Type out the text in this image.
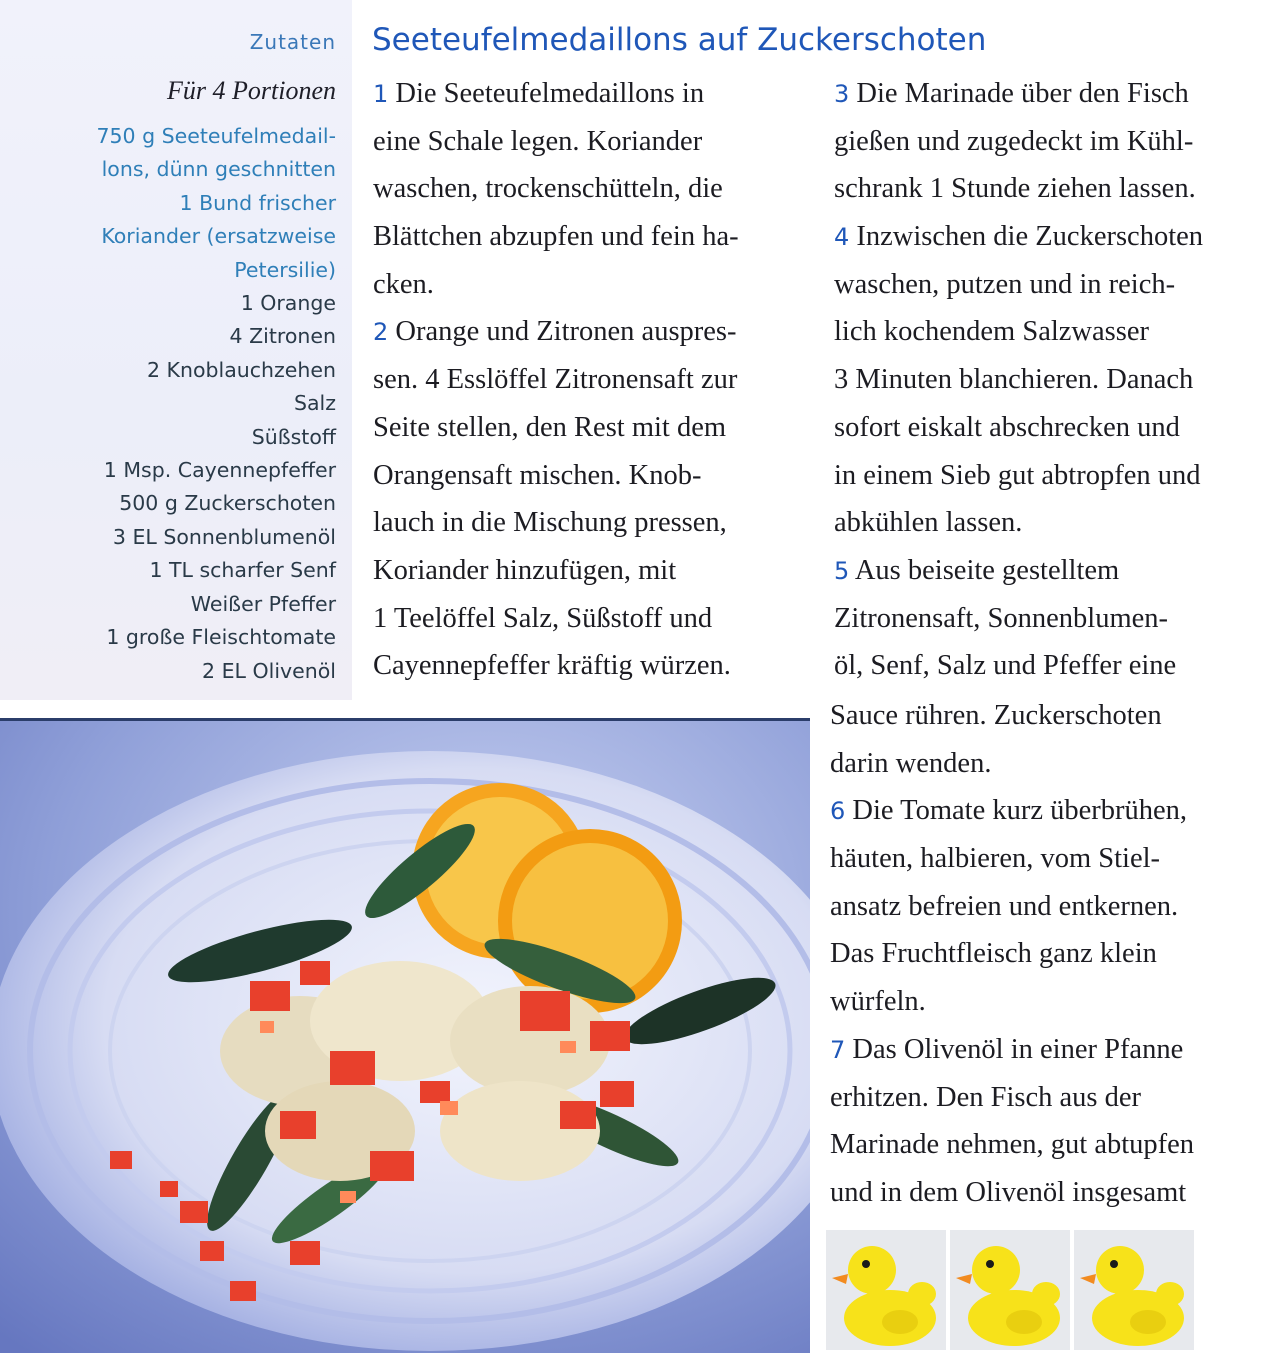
Zutaten
Für 4 Portionen
750 g Seeteufelmedail-
lons, dünn geschnitten
1 Bund frischer
Koriander (ersatzweise
Petersilie)
1 Orange
4 Zitronen
2 Knoblauchzehen
Salz
Süßstoff
1 Msp. Cayennepfeffer
500 g Zuckerschoten
3 EL Sonnenblumenöl
1 TL scharfer Senf
Weißer Pfeffer
1 große Fleischtomate
2 EL Olivenöl
Seeteufelmedaillons auf Zuckerschoten
1 Die Seeteufelmedaillons in
eine Schale legen. Koriander
waschen, trockenschütteln, die
Blättchen abzupfen und fein ha-
cken.
2 Orange und Zitronen auspres-
sen. 4 Esslöffel Zitronensaft zur
Seite stellen, den Rest mit dem
Orangensaft mischen. Knob-
lauch in die Mischung pressen,
Koriander hinzufügen, mit
1 Teelöffel Salz, Süßstoff und
Cayennepfeffer kräftig würzen.
3 Die Marinade über den Fisch
gießen und zugedeckt im Kühl-
schrank 1 Stunde ziehen lassen.
4 Inzwischen die Zuckerschoten
waschen, putzen und in reich-
lich kochendem Salzwasser
3 Minuten blanchieren. Danach
sofort eiskalt abschrecken und
in einem Sieb gut abtropfen und
abkühlen lassen.
5 Aus beiseite gestelltem
Zitronensaft, Sonnenblumen-
öl, Senf, Salz und Pfeffer eine
Sauce rühren. Zuckerschoten
darin wenden.
6 Die Tomate kurz überbrühen,
häuten, halbieren, vom Stiel-
ansatz befreien und entkernen.
Das Fruchtfleisch ganz klein
würfeln.
7 Das Olivenöl in einer Pfanne
erhitzen. Den Fisch aus der
Marinade nehmen, gut abtupfen
und in dem Olivenöl insgesamt
